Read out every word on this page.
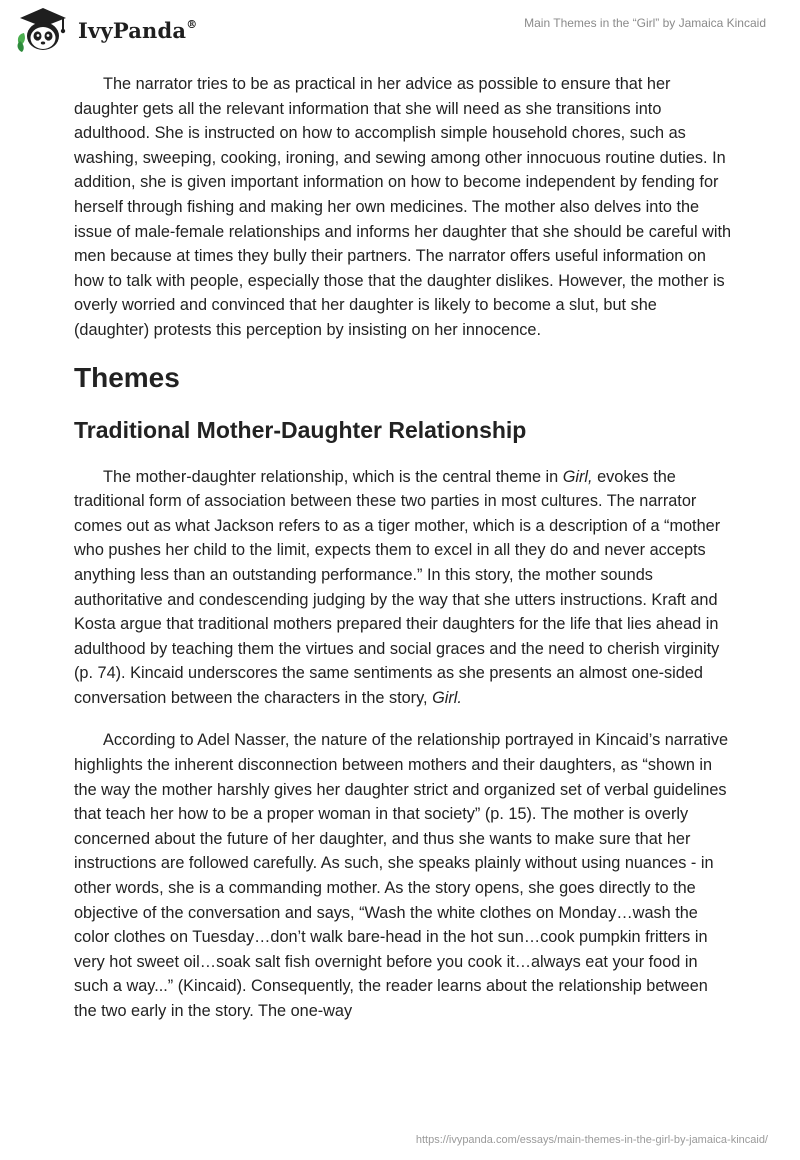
IvyPanda®	Main Themes in the “Girl” by Jamaica Kincaid

The narrator tries to be as practical in her advice as possible to ensure that her daughter gets all the relevant information that she will need as she transitions into adulthood. She is instructed on how to accomplish simple household chores, such as washing, sweeping, cooking, ironing, and sewing among other innocuous routine duties. In addition, she is given important information on how to become independent by fending for herself through fishing and making her own medicines. The mother also delves into the issue of male-female relationships and informs her daughter that she should be careful with men because at times they bully their partners. The narrator offers useful information on how to talk with people, especially those that the daughter dislikes. However, the mother is overly worried and convinced that her daughter is likely to become a slut, but she (daughter) protests this perception by insisting on her innocence.

Themes
Traditional Mother-Daughter Relationship

The mother-daughter relationship, which is the central theme in Girl, evokes the traditional form of association between these two parties in most cultures. The narrator comes out as what Jackson refers to as a tiger mother, which is a description of a “mother who pushes her child to the limit, expects them to excel in all they do and never accepts anything less than an outstanding performance.” In this story, the mother sounds authoritative and condescending judging by the way that she utters instructions. Kraft and Kosta argue that traditional mothers prepared their daughters for the life that lies ahead in adulthood by teaching them the virtues and social graces and the need to cherish virginity (p. 74). Kincaid underscores the same sentiments as she presents an almost one-sided conversation between the characters in the story, Girl.

According to Adel Nasser, the nature of the relationship portrayed in Kincaid’s narrative highlights the inherent disconnection between mothers and their daughters, as “shown in the way the mother harshly gives her daughter strict and organized set of verbal guidelines that teach her how to be a proper woman in that society” (p. 15). The mother is overly concerned about the future of her daughter, and thus she wants to make sure that her instructions are followed carefully. As such, she speaks plainly without using nuances - in other words, she is a commanding mother. As the story opens, she goes directly to the objective of the conversation and says, “Wash the white clothes on Monday…wash the color clothes on Tuesday…don’t walk bare-head in the hot sun…cook pumpkin fritters in very hot sweet oil…soak salt fish overnight before you cook it…always eat your food in such a way...” (Kincaid). Consequently, the reader learns about the relationship between the two early in the story. The one-way

https://ivypanda.com/essays/main-themes-in-the-girl-by-jamaica-kincaid/
